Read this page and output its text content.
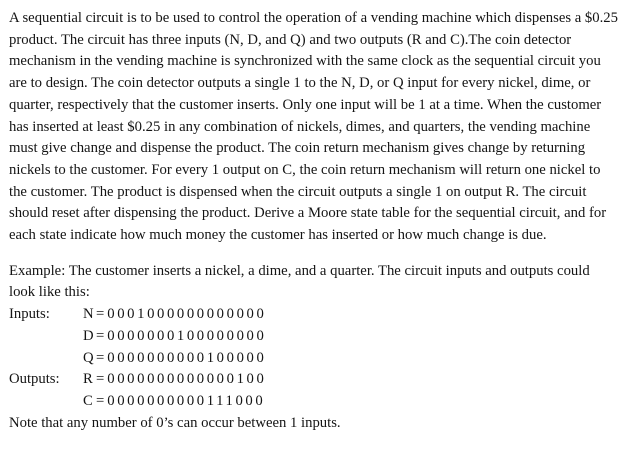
A sequential circuit is to be used to control the operation of a vending machine which dispenses a $0.25 product. The circuit has three inputs (N, D, and Q) and two outputs (R and C).The coin detector mechanism in the vending machine is synchronized with the same clock as the sequential circuit you are to design. The coin detector outputs a single 1 to the N, D, or Q input for every nickel, dime, or quarter, respectively that the customer inserts. Only one input will be 1 at a time. When the customer has inserted at least $0.25 in any combination of nickels, dimes, and quarters, the vending machine must give change and dispense the product. The coin return mechanism gives change by returning nickels to the customer. For every 1 output on C, the coin return mechanism will return one nickel to the customer. The product is dispensed when the circuit outputs a single 1 on output R. The circuit should reset after dispensing the product. Derive a Moore state table for the sequential circuit, and for each state indicate how much money the customer has inserted or how much change is due.

Example: The customer inserts a nickel, a dime, and a quarter. The circuit inputs and outputs could look like this:

Inputs:	N = 0001000000000000
D = 0000000100000000
Q = 0000000000100000
Outputs:	R = 0000000000000100
C = 0000000000111000

Note that any number of 0’s can occur between 1 inputs.
